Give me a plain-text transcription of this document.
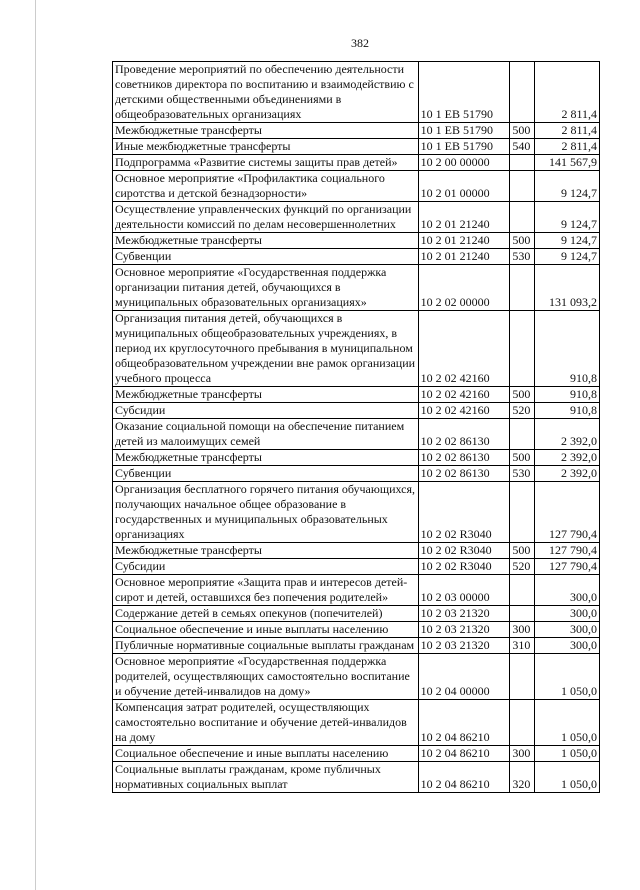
382
Проведение мероприятий по обеспечению деятельности советников директора по воспитанию и взаимодействию с детскими общественными объединениями в общеобразовательных организациях	10 1 EB 51790		2 811,4
Межбюджетные трансферты	10 1 EB 51790	500	2 811,4
Иные межбюджетные трансферты	10 1 EB 51790	540	2 811,4
Подпрограмма «Развитие системы защиты прав детей»	10 2 00 00000		141 567,9
Основное мероприятие «Профилактика социального сиротства и детской безнадзорности»	10 2 01 00000		9 124,7
Осуществление управленческих функций по организации деятельности комиссий по делам несовершеннолетних	10 2 01 21240		9 124,7
Межбюджетные трансферты	10 2 01 21240	500	9 124,7
Субвенции	10 2 01 21240	530	9 124,7
Основное мероприятие «Государственная поддержка организации питания детей, обучающихся в муниципальных образовательных организациях»	10 2 02 00000		131 093,2
Организация питания детей, обучающихся в муниципальных общеобразовательных учреждениях, в период их круглосуточного пребывания в муниципальном общеобразовательном учреждении вне рамок организации учебного процесса	10 2 02 42160		910,8
Межбюджетные трансферты	10 2 02 42160	500	910,8
Субсидии	10 2 02 42160	520	910,8
Оказание социальной помощи на обеспечение питанием детей из малоимущих семей	10 2 02 86130		2 392,0
Межбюджетные трансферты	10 2 02 86130	500	2 392,0
Субвенции	10 2 02 86130	530	2 392,0
Организация бесплатного горячего питания обучающихся, получающих начальное общее образование в государственных и муниципальных образовательных организациях	10 2 02 R3040		127 790,4
Межбюджетные трансферты	10 2 02 R3040	500	127 790,4
Субсидии	10 2 02 R3040	520	127 790,4
Основное мероприятие «Защита прав и интересов детей-сирот и детей, оставшихся без попечения родителей»	10 2 03 00000		300,0
Содержание детей в семьях опекунов (попечителей)	10 2 03 21320		300,0
Социальное обеспечение и иные выплаты населению	10 2 03 21320	300	300,0
Публичные нормативные социальные выплаты гражданам	10 2 03 21320	310	300,0
Основное мероприятие «Государственная поддержка родителей, осуществляющих самостоятельно воспитание и обучение детей-инвалидов на дому»	10 2 04 00000		1 050,0
Компенсация затрат родителей, осуществляющих самостоятельно воспитание и обучение детей-инвалидов на дому	10 2 04 86210		1 050,0
Социальное обеспечение и иные выплаты населению	10 2 04 86210	300	1 050,0
Социальные выплаты гражданам, кроме публичных нормативных социальных выплат	10 2 04 86210	320	1 050,0
